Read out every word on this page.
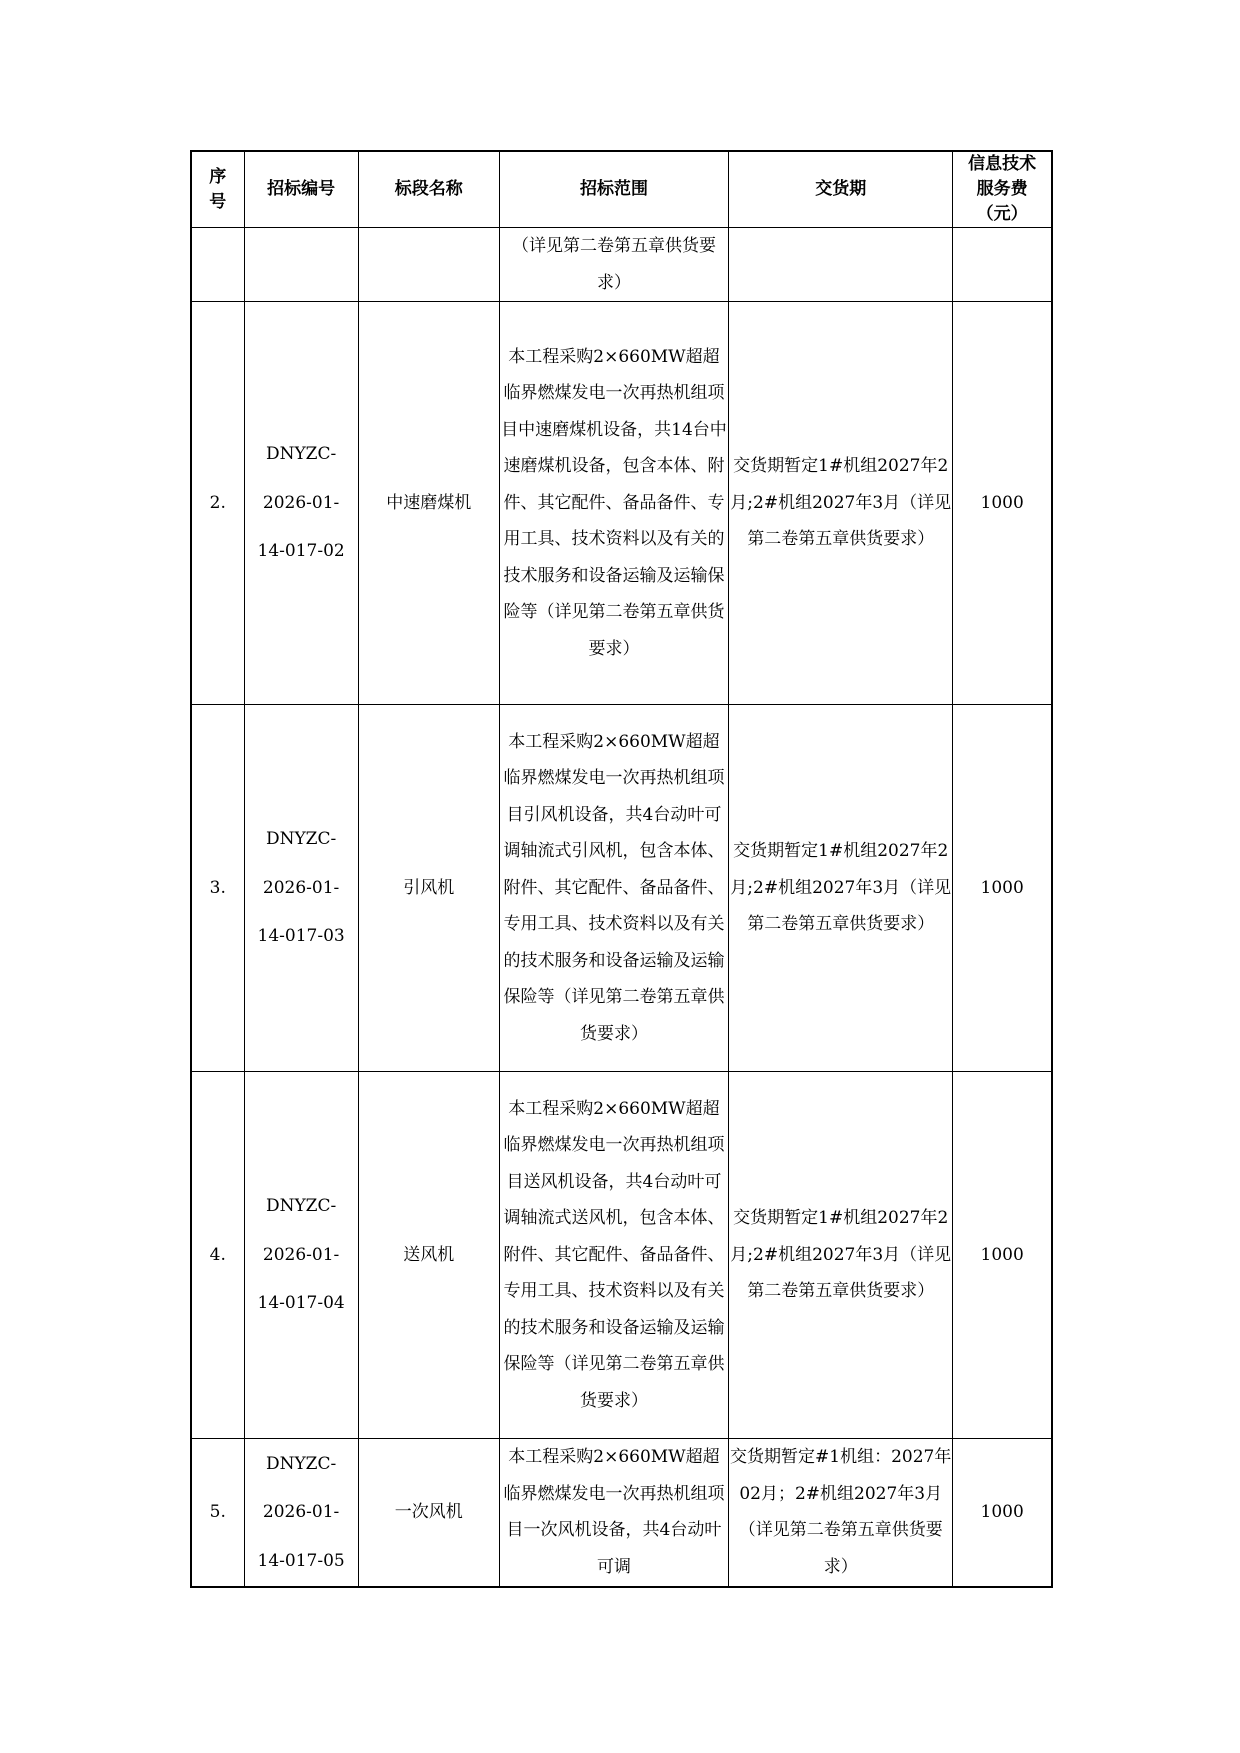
序
号	招标编号	标段名称	招标范围	交货期	信息技术
服务费
（元）

			（详见第二卷第五章供货要求）		
2.	DNYZC-
2026-01-
14-017-02	中速磨煤机	本工程采购2×660MW超超临界燃煤发电一次再热机组项目中速磨煤机设备，共14台中速磨煤机设备，包含本体、附件、其它配件、备品备件、专用工具、技术资料以及有关的技术服务和设备运输及运输保险等（详见第二卷第五章供货要求）	交货期暂定1#机组2027年2月;2#机组2027年3月（详见第二卷第五章供货要求）	1000
3.	DNYZC-
2026-01-
14-017-03	引风机	本工程采购2×660MW超超临界燃煤发电一次再热机组项目引风机设备，共4台动叶可调轴流式引风机，包含本体、附件、其它配件、备品备件、专用工具、技术资料以及有关的技术服务和设备运输及运输保险等（详见第二卷第五章供货要求）	交货期暂定1#机组2027年2月;2#机组2027年3月（详见第二卷第五章供货要求）	1000
4.	DNYZC-
2026-01-
14-017-04	送风机	本工程采购2×660MW超超临界燃煤发电一次再热机组项目送风机设备，共4台动叶可调轴流式送风机，包含本体、附件、其它配件、备品备件、专用工具、技术资料以及有关的技术服务和设备运输及运输保险等（详见第二卷第五章供货要求）	交货期暂定1#机组2027年2月;2#机组2027年3月（详见第二卷第五章供货要求）	1000
5.	DNYZC-
2026-01-
14-017-05	一次风机	本工程采购2×660MW超超临界燃煤发电一次再热机组项目一次风机设备，共4台动叶可调	交货期暂定#1机组：2027年02月；2#机组2027年3月（详见第二卷第五章供货要求）	1000
